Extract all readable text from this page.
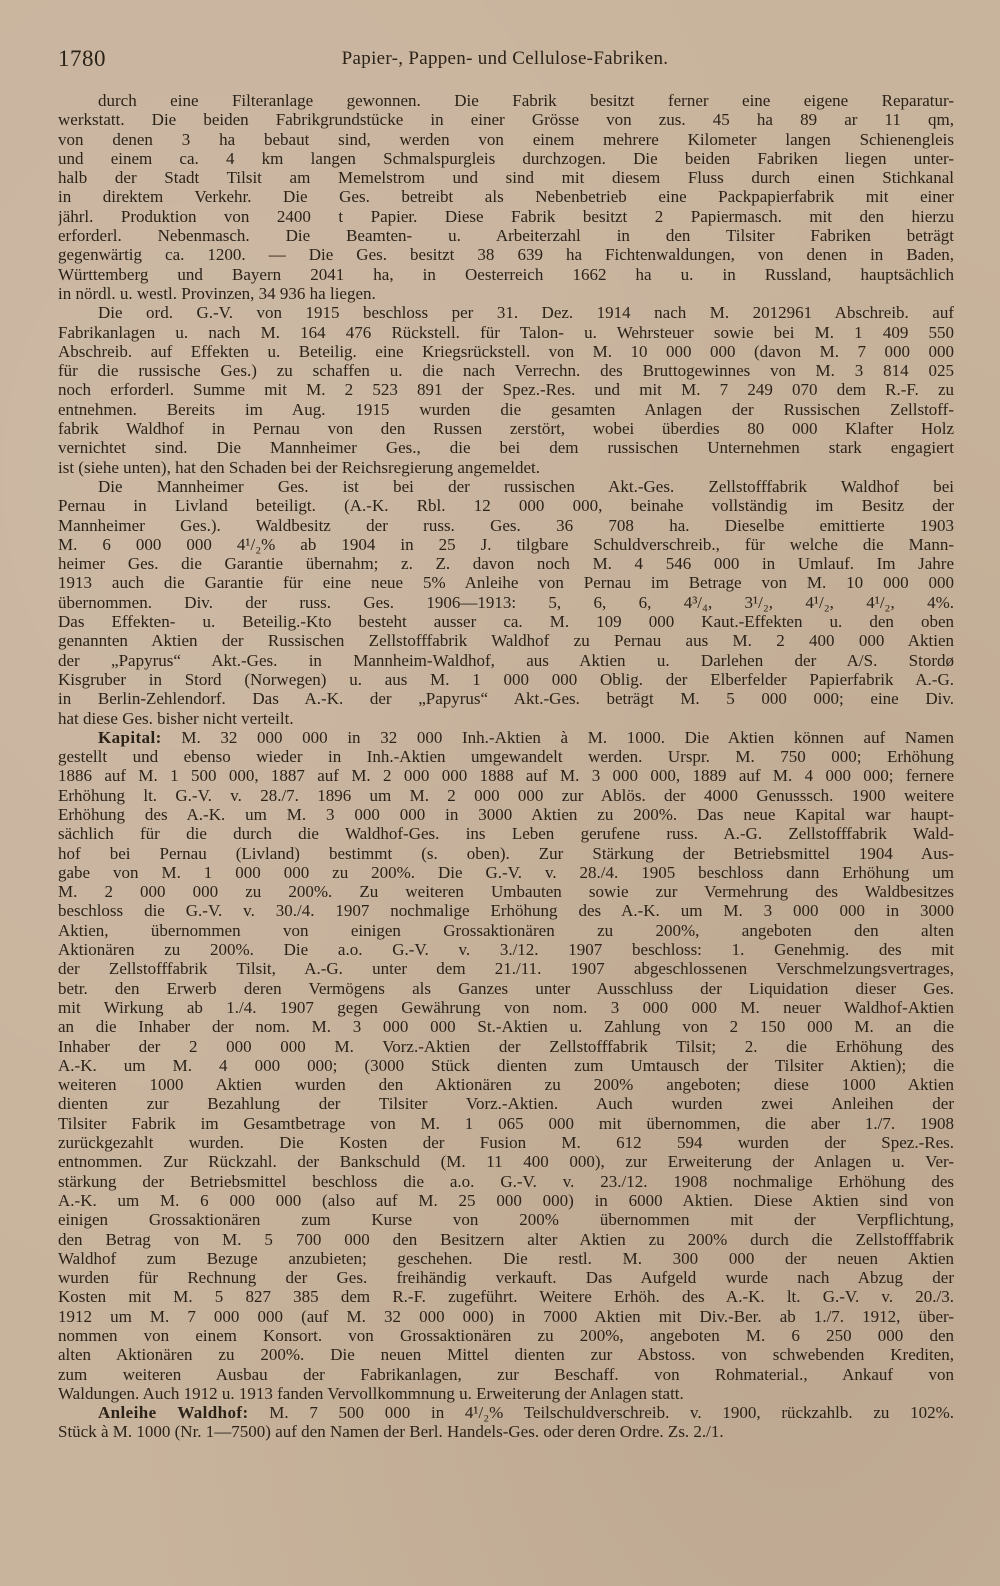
1780	Papier-, Pappen- und Cellulose-Fabriken.
durch eine Filteranlage gewonnen. Die Fabrik besitzt ferner eine eigene Reparatur-
werkstatt. Die beiden Fabrikgrundstücke in einer Grösse von zus. 45 ha 89 ar 11 qm,
von denen 3 ha bebaut sind, werden von einem mehrere Kilometer langen Schienengleis
und einem ca. 4 km langen Schmalspurgleis durchzogen. Die beiden Fabriken liegen unter-
halb der Stadt Tilsit am Memelstrom und sind mit diesem Fluss durch einen Stichkanal
in direktem Verkehr. Die Ges. betreibt als Nebenbetrieb eine Packpapierfabrik mit einer
jährl. Produktion von 2400 t Papier. Diese Fabrik besitzt 2 Papiermasch. mit den hierzu
erforderl. Nebenmasch. Die Beamten- u. Arbeiterzahl in den Tilsiter Fabriken beträgt
gegenwärtig ca. 1200. — Die Ges. besitzt 38 639 ha Fichtenwaldungen, von denen in Baden,
Württemberg und Bayern 2041 ha, in Oesterreich 1662 ha u. in Russland, hauptsächlich
in nördl. u. westl. Provinzen, 34 936 ha liegen.
Die ord. G.-V. von 1915 beschloss per 31. Dez. 1914 nach M. 2012961 Abschreib. auf
Fabrikanlagen u. nach M. 164 476 Rückstell. für Talon- u. Wehrsteuer sowie bei M. 1 409 550
Abschreib. auf Effekten u. Beteilig. eine Kriegsrückstell. von M. 10 000 000 (davon M. 7 000 000
für die russische Ges.) zu schaffen u. die nach Verrechn. des Bruttogewinnes von M. 3 814 025
noch erforderl. Summe mit M. 2 523 891 der Spez.-Res. und mit M. 7 249 070 dem R.-F. zu
entnehmen. Bereits im Aug. 1915 wurden die gesamten Anlagen der Russischen Zellstoff-
fabrik Waldhof in Pernau von den Russen zerstört, wobei überdies 80 000 Klafter Holz
vernichtet sind. Die Mannheimer Ges., die bei dem russischen Unternehmen stark engagiert
ist (siehe unten), hat den Schaden bei der Reichsregierung angemeldet.
Die Mannheimer Ges. ist bei der russischen Akt.-Ges. Zellstofffabrik Waldhof bei
Pernau in Livland beteiligt. (A.-K. Rbl. 12 000 000, beinahe vollständig im Besitz der
Mannheimer Ges.). Waldbesitz der russ. Ges. 36 708 ha. Dieselbe emittierte 1903
M. 6 000 000 4¹/₂% ab 1904 in 25 J. tilgbare Schuldverschreib., für welche die Mann-
heimer Ges. die Garantie übernahm; z. Z. davon noch M. 4 546 000 in Umlauf. Im Jahre
1913 auch die Garantie für eine neue 5% Anleihe von Pernau im Betrage von M. 10 000 000
übernommen. Div. der russ. Ges. 1906—1913: 5, 6, 6, 4³/₄, 3¹/₂, 4¹/₂, 4¹/₂, 4%.
Das Effekten- u. Beteilig.-Kto besteht ausser ca. M. 109 000 Kaut.-Effekten u. den oben
genannten Aktien der Russischen Zellstofffabrik Waldhof zu Pernau aus M. 2 400 000 Aktien
der „Papyrus“ Akt.-Ges. in Mannheim-Waldhof, aus Aktien u. Darlehen der A/S. Stordø
Kisgruber in Stord (Norwegen) u. aus M. 1 000 000 Oblig. der Elberfelder Papierfabrik A.-G.
in Berlin-Zehlendorf. Das A.-K. der „Papyrus“ Akt.-Ges. beträgt M. 5 000 000; eine Div.
hat diese Ges. bisher nicht verteilt.
Kapital: M. 32 000 000 in 32 000 Inh.-Aktien à M. 1000. Die Aktien können auf Namen
gestellt und ebenso wieder in Inh.-Aktien umgewandelt werden. Urspr. M. 750 000; Erhöhung
1886 auf M. 1 500 000, 1887 auf M. 2 000 000 1888 auf M. 3 000 000, 1889 auf M. 4 000 000; fernere
Erhöhung lt. G.-V. v. 28./7. 1896 um M. 2 000 000 zur Ablös. der 4000 Genusssch. 1900 weitere
Erhöhung des A.-K. um M. 3 000 000 in 3000 Aktien zu 200%. Das neue Kapital war haupt-
sächlich für die durch die Waldhof-Ges. ins Leben gerufene russ. A.-G. Zellstofffabrik Wald-
hof bei Pernau (Livland) bestimmt (s. oben). Zur Stärkung der Betriebsmittel 1904 Aus-
gabe von M. 1 000 000 zu 200%. Die G.-V. v. 28./4. 1905 beschloss dann Erhöhung um
M. 2 000 000 zu 200%. Zu weiteren Umbauten sowie zur Vermehrung des Waldbesitzes
beschloss die G.-V. v. 30./4. 1907 nochmalige Erhöhung des A.-K. um M. 3 000 000 in 3000
Aktien, übernommen von einigen Grossaktionären zu 200%, angeboten den alten
Aktionären zu 200%. Die a.o. G.-V. v. 3./12. 1907 beschloss: 1. Genehmig. des mit
der Zellstofffabrik Tilsit, A.-G. unter dem 21./11. 1907 abgeschlossenen Verschmelzungsvertrages,
betr. den Erwerb deren Vermögens als Ganzes unter Ausschluss der Liquidation dieser Ges.
mit Wirkung ab 1./4. 1907 gegen Gewährung von nom. 3 000 000 M. neuer Waldhof-Aktien
an die Inhaber der nom. M. 3 000 000 St.-Aktien u. Zahlung von 2 150 000 M. an die
Inhaber der 2 000 000 M. Vorz.-Aktien der Zellstofffabrik Tilsit; 2. die Erhöhung des
A.-K. um M. 4 000 000; (3000 Stück dienten zum Umtausch der Tilsiter Aktien); die
weiteren 1000 Aktien wurden den Aktionären zu 200% angeboten; diese 1000 Aktien
dienten zur Bezahlung der Tilsiter Vorz.-Aktien. Auch wurden zwei Anleihen der
Tilsiter Fabrik im Gesamtbetrage von M. 1 065 000 mit übernommen, die aber 1./7. 1908
zurückgezahlt wurden. Die Kosten der Fusion M. 612 594 wurden der Spez.-Res.
entnommen. Zur Rückzahl. der Bankschuld (M. 11 400 000), zur Erweiterung der Anlagen u. Ver-
stärkung der Betriebsmittel beschloss die a.o. G.-V. v. 23./12. 1908 nochmalige Erhöhung des
A.-K. um M. 6 000 000 (also auf M. 25 000 000) in 6000 Aktien. Diese Aktien sind von
einigen Grossaktionären zum Kurse von 200% übernommen mit der Verpflichtung,
den Betrag von M. 5 700 000 den Besitzern alter Aktien zu 200% durch die Zellstofffabrik
Waldhof zum Bezuge anzubieten; geschehen. Die restl. M. 300 000 der neuen Aktien
wurden für Rechnung der Ges. freihändig verkauft. Das Aufgeld wurde nach Abzug der
Kosten mit M. 5 827 385 dem R.-F. zugeführt. Weitere Erhöh. des A.-K. lt. G.-V. v. 20./3.
1912 um M. 7 000 000 (auf M. 32 000 000) in 7000 Aktien mit Div.-Ber. ab 1./7. 1912, über-
nommen von einem Konsort. von Grossaktionären zu 200%, angeboten M. 6 250 000 den
alten Aktionären zu 200%. Die neuen Mittel dienten zur Abstoss. von schwebenden Krediten,
zum weiteren Ausbau der Fabrikanlagen, zur Beschaff. von Rohmaterial., Ankauf von
Waldungen. Auch 1912 u. 1913 fanden Vervollkommnung u. Erweiterung der Anlagen statt.
Anleihe Waldhof: M. 7 500 000 in 4¹/₂% Teilschuldverschreib. v. 1900, rückzahlb. zu 102%.
Stück à M. 1000 (Nr. 1—7500) auf den Namen der Berl. Handels-Ges. oder deren Ordre. Zs. 2./1.
